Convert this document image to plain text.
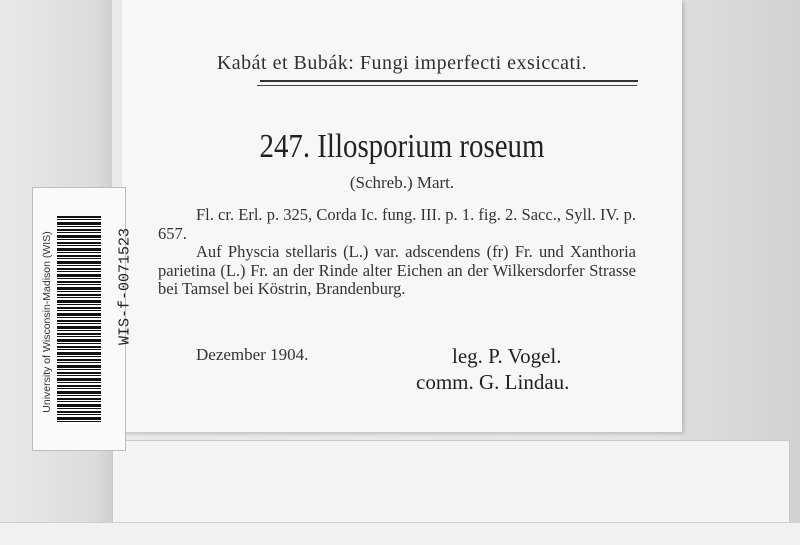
Kabát et Bubák: Fungi imperfecti exsiccati.
247. Illosporium roseum
(Schreb.) Mart.

Fl. cr. Erl. p. 325, Corda Ic. fung. III. p. 1. fig. 2. Sacc., Syll. IV. p. 657.

Auf Physcia stellaris (L.) var. adscendens (fr) Fr. und Xanthoria parietina (L.) Fr. an der Rinde alter Eichen an der Wilkersdorfer Strasse bei Tamsel bei Köstrin, Brandenburg.

Dezember 1904.	leg. P. Vogel.
comm. G. Lindau.
University of Wisconsin-Madison (WIS)	WIS-f-0071523
